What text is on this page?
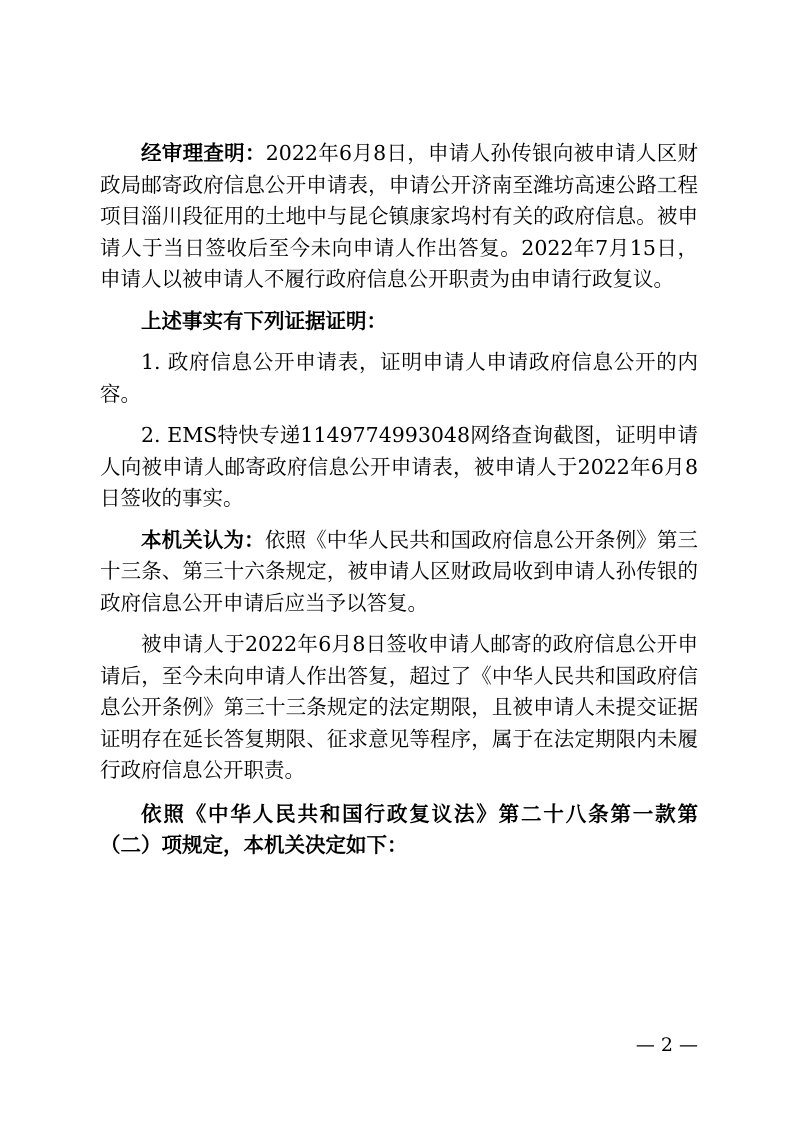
经审理查明：2022年6月8日，申请人孙传银向被申请人区财政局邮寄政府信息公开申请表，申请公开济南至潍坊高速公路工程项目淄川段征用的土地中与昆仑镇康家坞村有关的政府信息。被申请人于当日签收后至今未向申请人作出答复。2022年7月15日，申请人以被申请人不履行政府信息公开职责为由申请行政复议。

上述事实有下列证据证明：

1. 政府信息公开申请表，证明申请人申请政府信息公开的内容。

2. EMS特快专递1149774993048网络查询截图，证明申请人向被申请人邮寄政府信息公开申请表，被申请人于2022年6月8日签收的事实。

本机关认为：依照《中华人民共和国政府信息公开条例》第三十三条、第三十六条规定，被申请人区财政局收到申请人孙传银的政府信息公开申请后应当予以答复。

被申请人于2022年6月8日签收申请人邮寄的政府信息公开申请后，至今未向申请人作出答复，超过了《中华人民共和国政府信息公开条例》第三十三条规定的法定期限，且被申请人未提交证据证明存在延长答复期限、征求意见等程序，属于在法定期限内未履行政府信息公开职责。

依照《中华人民共和国行政复议法》第二十八条第一款第（二）项规定，本机关决定如下：

— 2 —
